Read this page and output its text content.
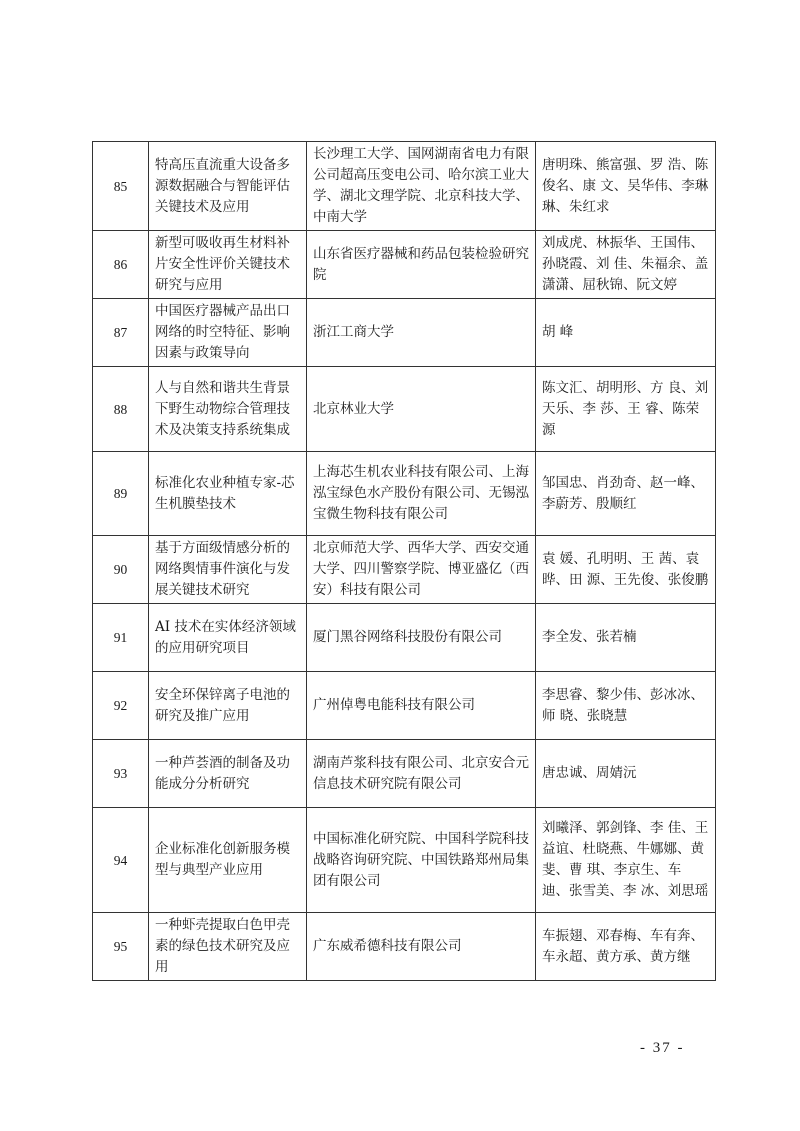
85	特高压直流重大设备多源数据融合与智能评估关键技术及应用	长沙理工大学、国网湖南省电力有限公司超高压变电公司、哈尔滨工业大学、湖北文理学院、北京科技大学、中南大学	唐明珠、熊富强、罗 浩、陈俊名、康 文、吴华伟、李琳琳、朱红求
86	新型可吸收再生材料补片安全性评价关键技术研究与应用	山东省医疗器械和药品包装检验研究院	刘成虎、林振华、王国伟、孙晓霞、刘 佳、朱福余、盖潇潇、屈秋锦、阮文婷
87	中国医疗器械产品出口网络的时空特征、影响因素与政策导向	浙江工商大学	胡 峰
88	人与自然和谐共生背景下野生动物综合管理技术及决策支持系统集成	北京林业大学	陈文汇、胡明形、方 良、刘天乐、李 莎、王 睿、陈荣源
89	标准化农业种植专家-芯生机膜垫技术	上海芯生机农业科技有限公司、上海泓宝绿色水产股份有限公司、无锡泓宝微生物科技有限公司	邹国忠、肖劲奇、赵一峰、李蔚芳、殷顺红
90	基于方面级情感分析的网络舆情事件演化与发展关键技术研究	北京师范大学、西华大学、西安交通大学、四川警察学院、博亚盛亿（西安）科技有限公司	袁 媛、孔明明、王 茜、袁 晔、田 源、王先俊、张俊鹏
91	AI 技术在实体经济领域的应用研究项目	厦门黑谷网络科技股份有限公司	李全发、张若楠
92	安全环保锌离子电池的研究及推广应用	广州倬粤电能科技有限公司	李思睿、黎少伟、彭冰冰、师 晓、张晓慧
93	一种芦荟酒的制备及功能成分分析研究	湖南芦浆科技有限公司、北京安合元信息技术研究院有限公司	唐忠诚、周婧沅
94	企业标准化创新服务模型与典型产业应用	中国标准化研究院、中国科学院科技战略咨询研究院、中国铁路郑州局集团有限公司	刘曦泽、郭剑锋、李 佳、王益谊、杜晓燕、牛娜娜、黄 斐、曹 琪、李京生、车 迪、张雪美、李 冰、刘思瑶
95	一种虾壳提取白色甲壳素的绿色技术研究及应用	广东威希德科技有限公司	车振翅、邓春梅、车有奔、车永超、黄方承、黄方继
- 37 -
